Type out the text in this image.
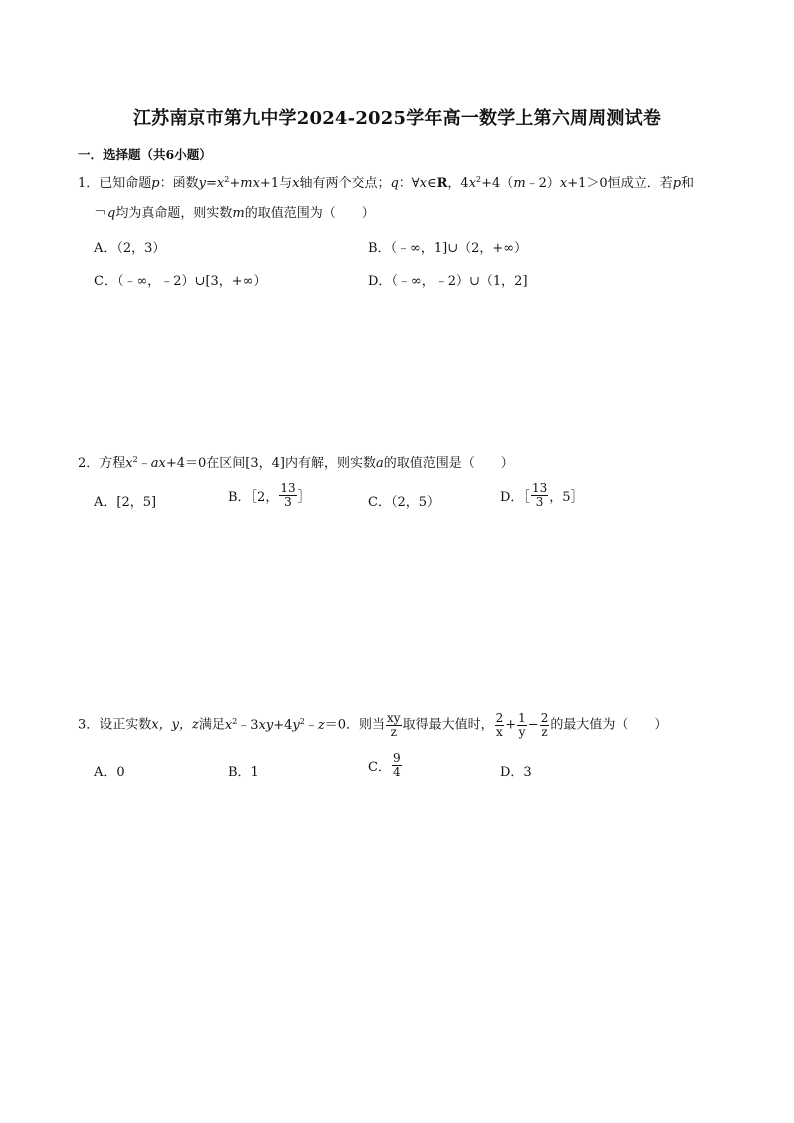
江苏南京市第九中学2024-2025学年高一数学上第六周周测试卷
一．选择题（共6小题）
1．已知命题p：函数$y=x^2+mx+1$与x轴有两个交点；q：∀x∈R，$4x^2+4(m﹣2)x+1>0$恒成立．若p和
￢q均为真命题，则实数m的取值范围为（　　）
A．（2，3）	B．（﹣∞，1]∪（2，+∞）
C．（﹣∞，﹣2）∪[3，+∞）	D．（﹣∞，﹣2）∪（1，2]
2．方程$x^2﹣ax+4=0$在区间[3，4]内有解，则实数a的取值范围是（　　）
A．[2，5]	B．［2， $\frac{13}{3}$ ］	C．（2，5）	D．［ $\frac{13}{3}$ ，5］
3．设正实数x，y，z满足$x^2﹣3xy+4y^2﹣z=0$．则当 $\frac{xy}{z}$ 取得最大值时， $\frac{2}{x} + \frac{1}{y} - \frac{2}{z}$ 的最大值为（　　）
A．0	B．1	C． $\frac{9}{4}$	D．3
